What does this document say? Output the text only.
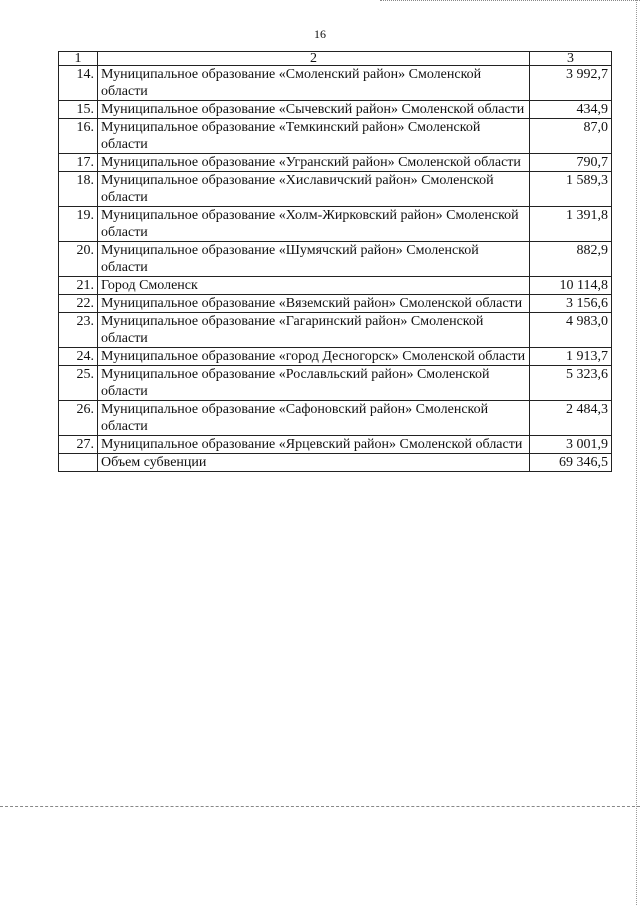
16
1	2	3
14.	Муниципальное образование «Смоленский район» Смоленской области	3 992,7
15.	Муниципальное образование «Сычевский район» Смоленской области	434,9
16.	Муниципальное образование «Темкинский район» Смоленской области	87,0
17.	Муниципальное образование «Угранский район» Смоленской области	790,7
18.	Муниципальное образование «Хиславичский район» Смоленской области	1 589,3
19.	Муниципальное образование «Холм-Жирковский район» Смоленской области	1 391,8
20.	Муниципальное образование «Шумячский район» Смоленской области	882,9
21.	Город Смоленск	10 114,8
22.	Муниципальное образование «Вяземский район» Смоленской области	3 156,6
23.	Муниципальное образование «Гагаринский район» Смоленской области	4 983,0
24.	Муниципальное образование «город Десногорск» Смоленской области	1 913,7
25.	Муниципальное образование «Рославльский район» Смоленской области	5 323,6
26.	Муниципальное образование «Сафоновский район» Смоленской области	2 484,3
27.	Муниципальное образование «Ярцевский район» Смоленской области	3 001,9
	Объем субвенции	69 346,5
